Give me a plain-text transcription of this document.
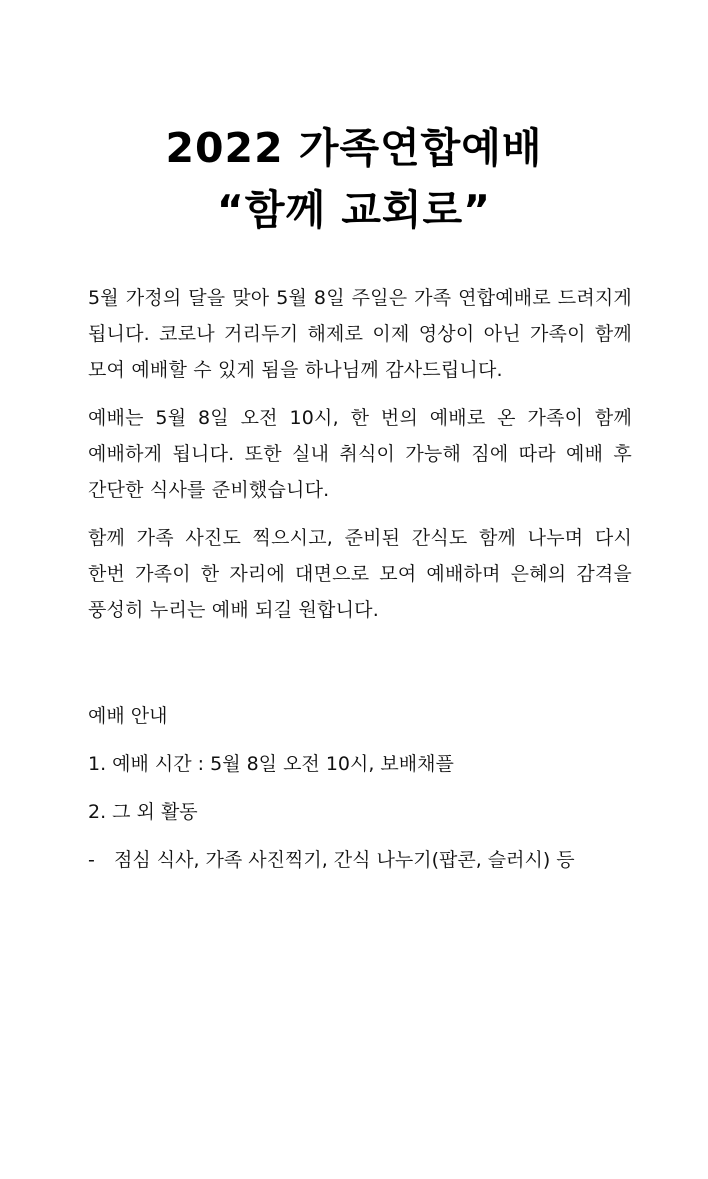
2022 가족연합예배
“함께 교회로”

5월 가정의 달을 맞아 5월 8일 주일은 가족 연합예배로 드려지게 됩니다. 코로나 거리두기 해제로 이제 영상이 아닌 가족이 함께 모여 예배할 수 있게 됨을 하나님께 감사드립니다.

예배는 5월 8일 오전 10시, 한 번의 예배로 온 가족이 함께 예배하게 됩니다. 또한 실내 취식이 가능해 짐에 따라 예배 후 간단한 식사를 준비했습니다.

함께 가족 사진도 찍으시고, 준비된 간식도 함께 나누며 다시 한번 가족이 한 자리에 대면으로 모여 예배하며 은혜의 감격을 풍성히 누리는 예배 되길 원합니다.

예배 안내
1. 예배 시간 : 5월 8일 오전 10시, 보배채플
2. 그 외 활동
-	점심 식사, 가족 사진찍기, 간식 나누기(팝콘, 슬러시) 등
